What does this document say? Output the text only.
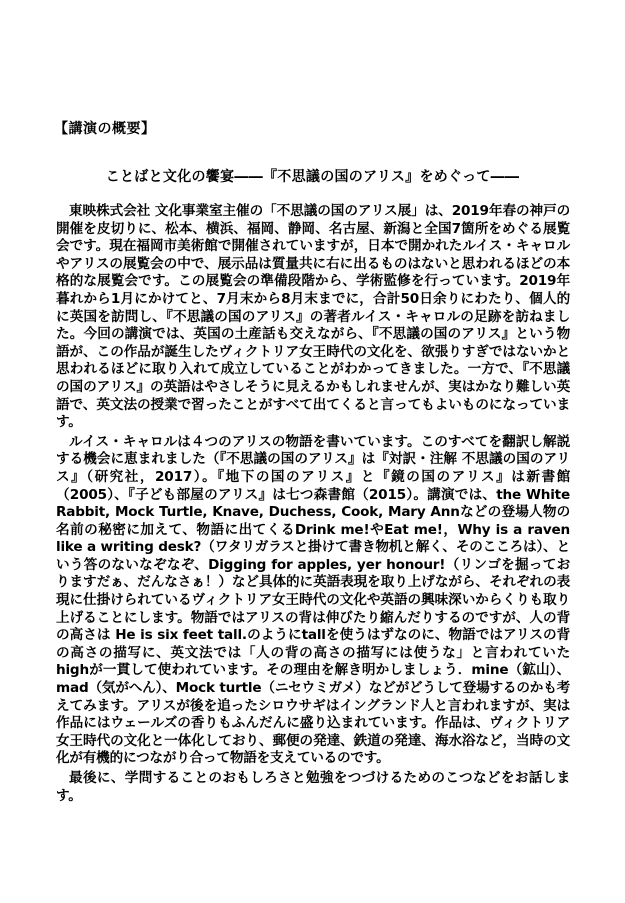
【講演の概要】
ことばと文化の饗宴――『不思議の国のアリス』をめぐって――

東映株式会社 文化事業室主催の「不思議の国のアリス展」は、2019年春の神戸の開催を皮切りに、松本、横浜、福岡、静岡、名古屋、新潟と全国7箇所をめぐる展覧会です。現在福岡市美術館で開催されていますが，日本で開かれたルイス・キャロルやアリスの展覧会の中で、展示品は質量共に右に出るものはないと思われるほどの本格的な展覧会です。この展覧会の準備段階から、学術監修を行っています。2019年暮れから1月にかけてと、7月末から8月末までに，合計50日余りにわたり、個人的に英国を訪問し、『不思議の国のアリス』の著者ルイス・キャロルの足跡を訪ねました。今回の講演では、英国の土産話も交えながら、『不思議の国のアリス』という物語が、この作品が誕生したヴィクトリア女王時代の文化を、欲張りすぎではないかと思われるほどに取り入れて成立していることがわかってきました。一方で、『不思議の国のアリス』の英語はやさしそうに見えるかもしれませんが、実はかなり難しい英語で、英文法の授業で習ったことがすべて出てくると言ってもよいものになっています。

ルイス・キャロルは４つのアリスの物語を書いています。このすべてを翻訳し解説する機会に恵まれました（『不思議の国のアリス』は『対訳・注解 不思議の国のアリス』（研究社，2017）。『地下の国のアリス』と『鏡の国のアリス』は新書館（2005）、『子ども部屋のアリス』は七つ森書館（2015）。講演では、the White Rabbit, Mock Turtle, Knave, Duchess, Cook, Mary Annなどの登場人物の名前の秘密に加えて、物語に出てくるDrink me!やEat me!，Why is a raven like a writing desk?（ワタリガラスと掛けて書き物机と解く、そのこころは）、という答のないなぞなぞ、Digging for apples, yer honour!（リンゴを掘っておりますだぁ、だんなさぁ！）など具体的に英語表現を取り上げながら、それぞれの表現に仕掛けられているヴィクトリア女王時代の文化や英語の興味深いからくりも取り上げることにします。物語ではアリスの背は伸びたり縮んだりするのですが、人の背の高さは He is six feet tall.のようにtallを使うはずなのに、物語ではアリスの背の高さの描写に、英文法では「人の背の高さの描写には使うな」と言われていたhighが一貫して使われています。その理由を解き明かしましょう．mine（鉱山）、mad（気がへん）、Mock turtle（ニセウミガメ）などがどうして登場するのかも考えてみます。アリスが後を追ったシロウサギはイングランド人と言われますが、実は作品にはウェールズの香りもふんだんに盛り込まれています。作品は、ヴィクトリア女王時代の文化と一体化しており、郵便の発達、鉄道の発達、海水浴など，当時の文化が有機的につながり合って物語を支えているのです。

最後に、学問することのおもしろさと勉強をつづけるためのこつなどをお話します。
